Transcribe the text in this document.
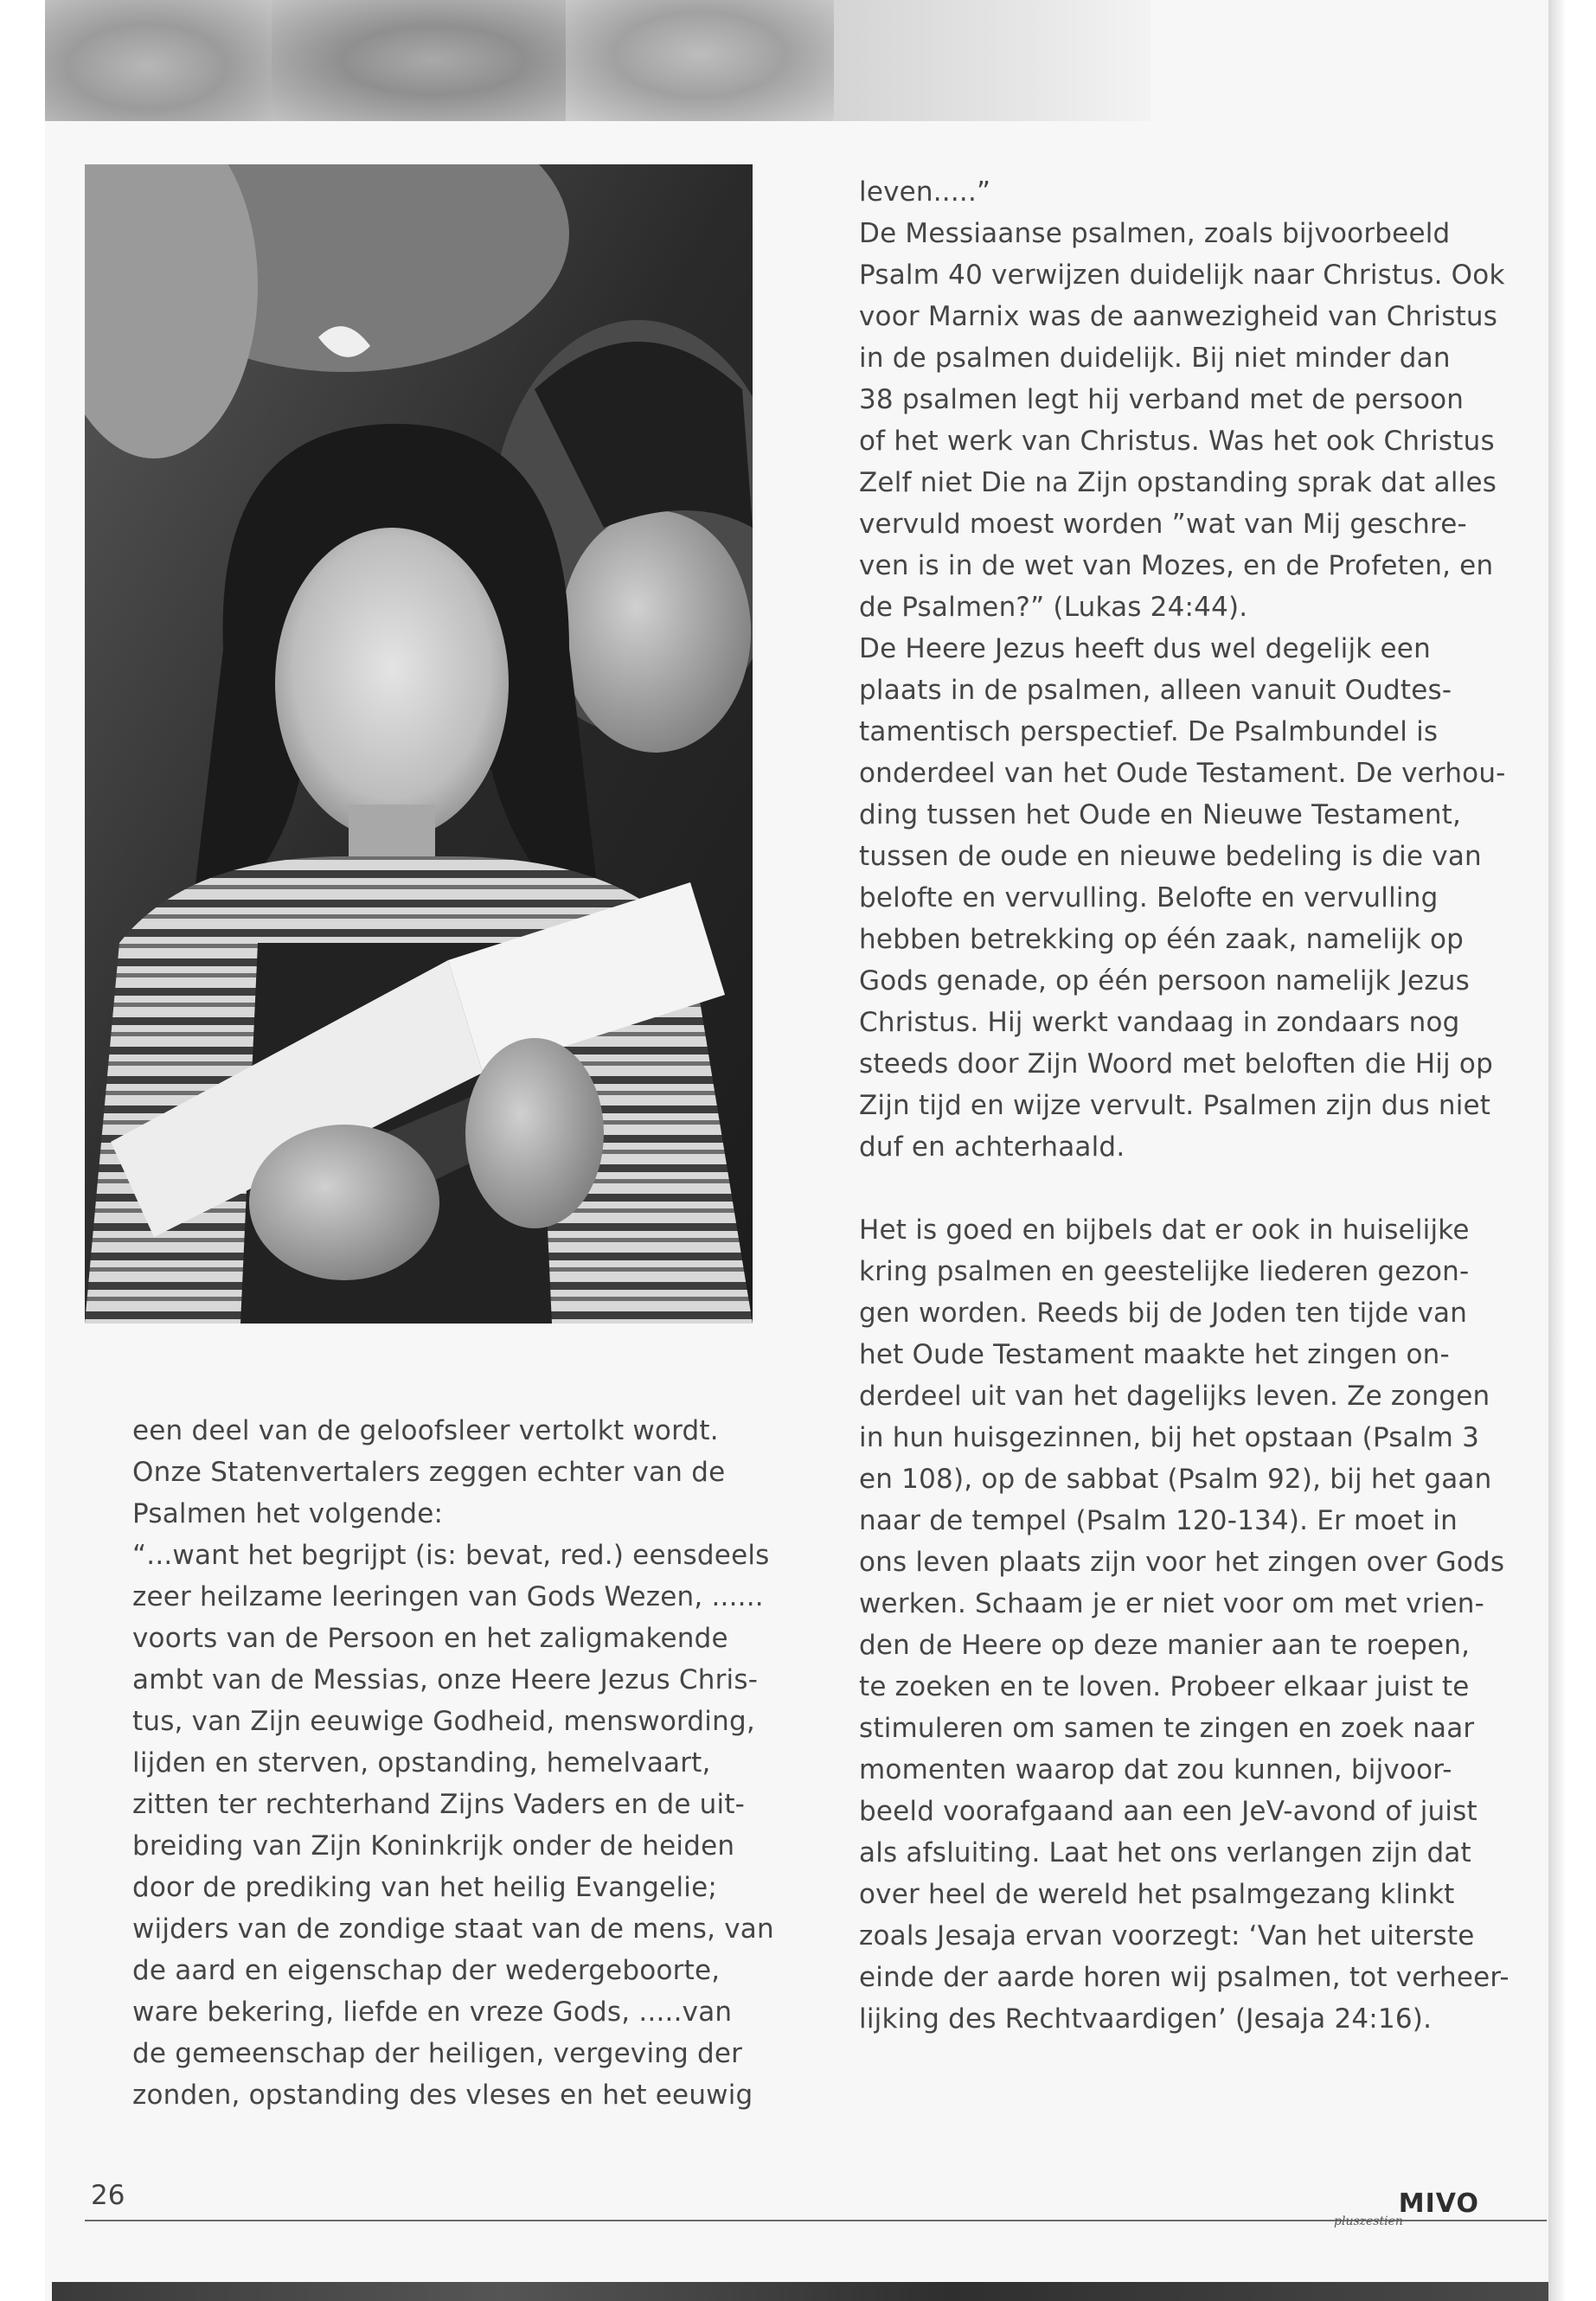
een deel van de geloofsleer vertolkt wordt.
Onze Statenvertalers zeggen echter van de
Psalmen het volgende:
“...want het begrijpt (is: bevat, red.) eensdeels
zeer heilzame leeringen van Gods Wezen, ......
voorts van de Persoon en het zaligmakende
ambt van de Messias, onze Heere Jezus Chris-
tus, van Zijn eeuwige Godheid, menswording,
lijden en sterven, opstanding, hemelvaart,
zitten ter rechterhand Zijns Vaders en de uit-
breiding van Zijn Koninkrijk onder de heiden
door de prediking van het heilig Evangelie;
wijders van de zondige staat van de mens, van
de aard en eigenschap der wedergeboorte,
ware bekering, liefde en vreze Gods, .....van
de gemeenschap der heiligen, vergeving der
zonden, opstanding des vleses en het eeuwig
leven.....”
De Messiaanse psalmen, zoals bijvoorbeeld
Psalm 40 verwijzen duidelijk naar Christus. Ook
voor Marnix was de aanwezigheid van Christus
in de psalmen duidelijk. Bij niet minder dan
38 psalmen legt hij verband met de persoon
of het werk van Christus. Was het ook Christus
Zelf niet Die na Zijn opstanding sprak dat alles
vervuld moest worden ”wat van Mij geschre-
ven is in de wet van Mozes, en de Profeten, en
de Psalmen?” (Lukas 24:44).
De Heere Jezus heeft dus wel degelijk een
plaats in de psalmen, alleen vanuit Oudtes-
tamentisch perspectief. De Psalmbundel is
onderdeel van het Oude Testament. De verhou-
ding tussen het Oude en Nieuwe Testament,
tussen de oude en nieuwe bedeling is die van
belofte en vervulling. Belofte en vervulling
hebben betrekking op één zaak, namelijk op
Gods genade, op één persoon namelijk Jezus
Christus. Hij werkt vandaag in zondaars nog
steeds door Zijn Woord met beloften die Hij op
Zijn tijd en wijze vervult. Psalmen zijn dus niet
duf en achterhaald.
Het is goed en bijbels dat er ook in huiselijke
kring psalmen en geestelijke liederen gezon-
gen worden. Reeds bij de Joden ten tijde van
het Oude Testament maakte het zingen on-
derdeel uit van het dagelijks leven. Ze zongen
in hun huisgezinnen, bij het opstaan (Psalm 3
en 108), op de sabbat (Psalm 92), bij het gaan
naar de tempel (Psalm 120-134). Er moet in
ons leven plaats zijn voor het zingen over Gods
werken. Schaam je er niet voor om met vrien-
den de Heere op deze manier aan te roepen,
te zoeken en te loven. Probeer elkaar juist te
stimuleren om samen te zingen en zoek naar
momenten waarop dat zou kunnen, bijvoor-
beeld voorafgaand aan een JeV-avond of juist
als afsluiting. Laat het ons verlangen zijn dat
over heel de wereld het psalmgezang klinkt
zoals Jesaja ervan voorzegt: ‘Van het uiterste
einde der aarde horen wij psalmen, tot verheer-
lijking des Rechtvaardigen’ (Jesaja 24:16).
26	MIVO
pluszestien
